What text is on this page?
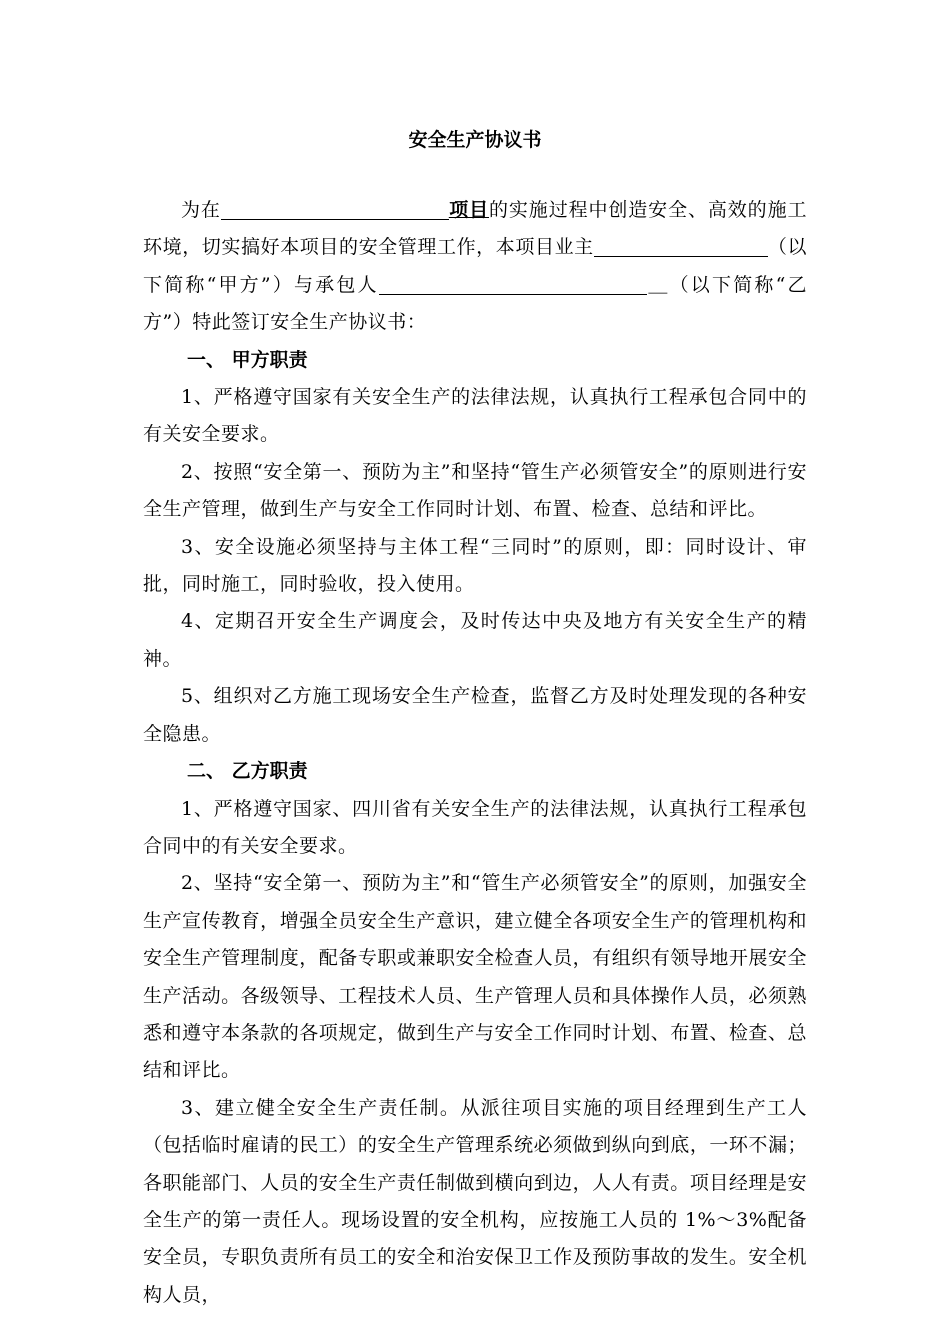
安全生产协议书

为在	项目的实施过程中创造安全、高效的施工环境，切实搞好本项目的安全管理工作，本项目业主	（以下简称“甲方”）与承包人	＿（以下简称“乙方”）特此签订安全生产协议书：

一、 甲方职责

1、严格遵守国家有关安全生产的法律法规，认真执行工程承包合同中的有关安全要求。

2、按照“安全第一、预防为主”和坚持“管生产必须管安全”的原则进行安全生产管理，做到生产与安全工作同时计划、布置、检查、总结和评比。

3、安全设施必须坚持与主体工程“三同时”的原则，即：同时设计、审批，同时施工，同时验收，投入使用。

4、定期召开安全生产调度会，及时传达中央及地方有关安全生产的精神。

5、组织对乙方施工现场安全生产检查，监督乙方及时处理发现的各种安全隐患。

二、 乙方职责

1、严格遵守国家、四川省有关安全生产的法律法规，认真执行工程承包合同中的有关安全要求。

2、坚持“安全第一、预防为主”和“管生产必须管安全”的原则，加强安全生产宣传教育，增强全员安全生产意识，建立健全各项安全生产的管理机构和安全生产管理制度，配备专职或兼职安全检查人员，有组织有领导地开展安全生产活动。各级领导、工程技术人员、生产管理人员和具体操作人员，必须熟悉和遵守本条款的各项规定，做到生产与安全工作同时计划、布置、检查、总结和评比。

3、建立健全安全生产责任制。从派往项目实施的项目经理到生产工人（包括临时雇请的民工）的安全生产管理系统必须做到纵向到底，一环不漏；各职能部门、人员的安全生产责任制做到横向到边，人人有责。项目经理是安全生产的第一责任人。现场设置的安全机构，应按施工人员的 1%～3%配备安全员，专职负责所有员工的安全和治安保卫工作及预防事故的发生。安全机构人员，
